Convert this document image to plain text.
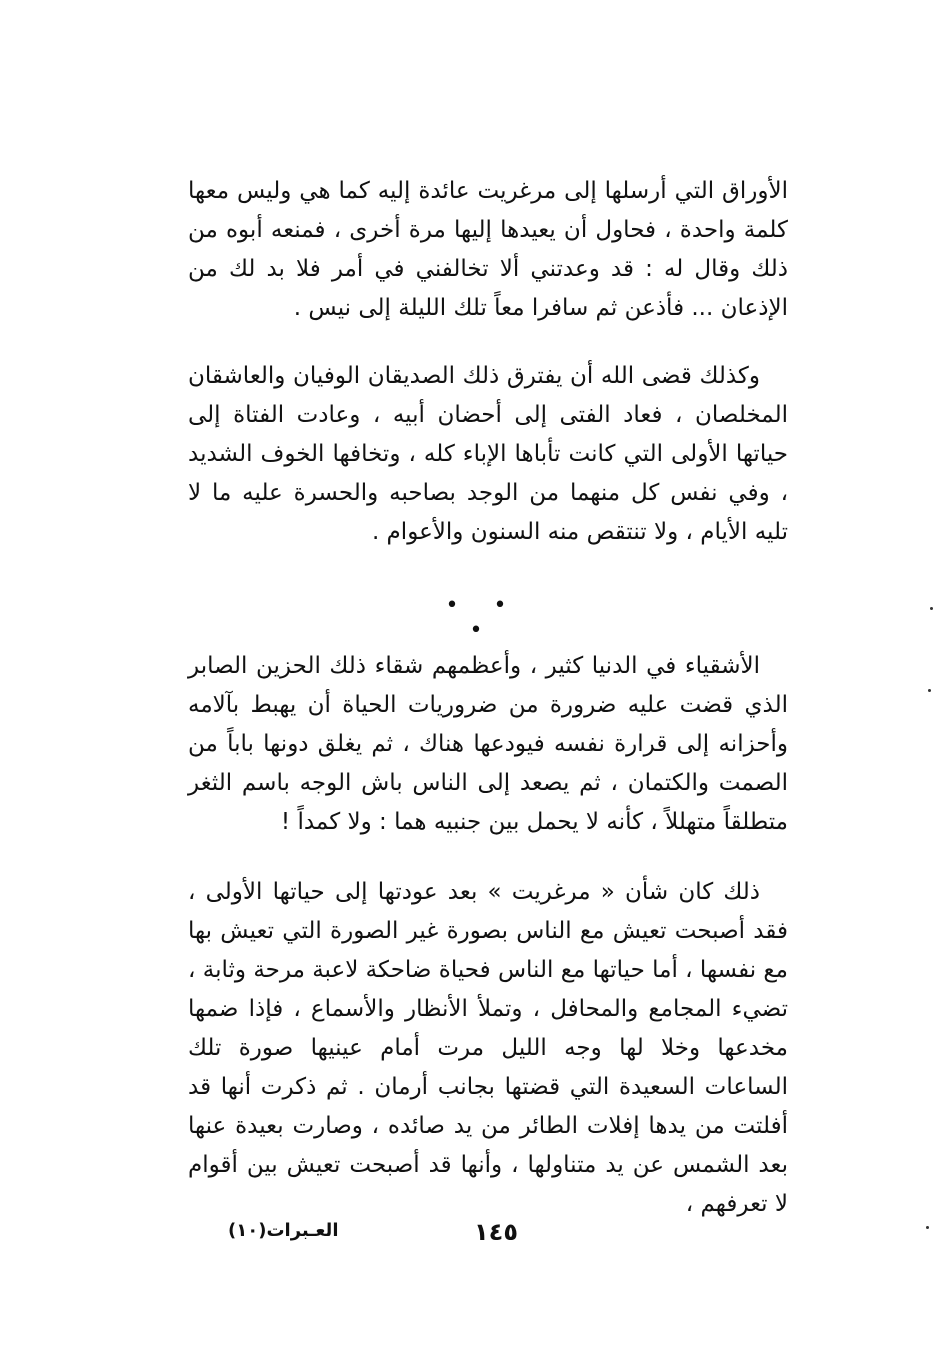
الأوراق التي أرسلها إلى مرغريت عائدة إليه كما هي وليس معها كلمة واحدة ، فحاول أن يعيدها إليها مرة أخرى ، فمنعه أبوه من ذلك وقال له : قد وعدتني ألا تخالفني في أمر فلا بد لك من الإذعان ... فأذعن ثم سافرا معاً تلك الليلة إلى نيس .
وكذلك قضى الله أن يفترق ذلك الصديقان الوفيان والعاشقان المخلصان ، فعاد الفتى إلى أحضان أبيه ، وعادت الفتاة إلى حياتها الأولى التي كانت تأباها الإباء كله ، وتخافها الخوف الشديد ، وفي نفس كل منهما من الوجد بصاحبه والحسرة عليه ما لا تليه الأيام ، ولا تنتقص منه السنون والأعوام .
• • •
الأشقياء في الدنيا كثير ، وأعظمهم شقاء ذلك الحزين الصابر الذي قضت عليه ضرورة من ضروريات الحياة أن يهبط بآلامه وأحزانه إلى قرارة نفسه فيودعها هناك ، ثم يغلق دونها باباً من الصمت والكتمان ، ثم يصعد إلى الناس باش الوجه باسم الثغر متطلقاً متهللاً ، كأنه لا يحمل بين جنبيه هما : ولا كمداً !
ذلك كان شأن « مرغريت » بعد عودتها إلى حياتها الأولى ، فقد أصبحت تعيش مع الناس بصورة غير الصورة التي تعيش بها مع نفسها ، أما حياتها مع الناس فحياة ضاحكة لاعبة مرحة وثابة ، تضيء المجامع والمحافل ، وتملأ الأنظار والأسماع ، فإذا ضمها مخدعها وخلا لها وجه الليل مرت أمام عينيها صورة تلك الساعات السعيدة التي قضتها بجانب أرمان . ثم ذكرت أنها قد أفلتت من يدها إفلات الطائر من يد صائده ، وصارت بعيدة عنها بعد الشمس عن يد متناولها ، وأنها قد أصبحت تعيش بين أقوام لا تعرفهم ،
١٤٥
العـبرات(١٠)
